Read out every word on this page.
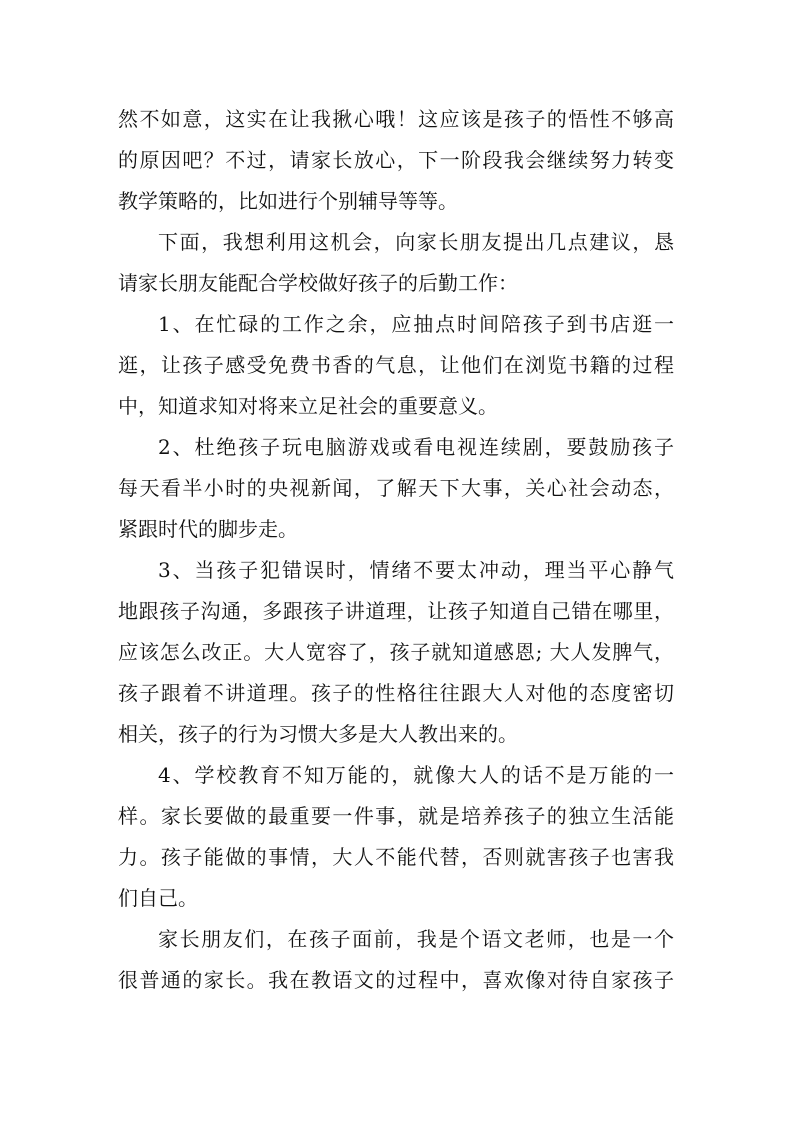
然不如意，这实在让我揪心哦！这应该是孩子的悟性不够高
的原因吧？不过，请家长放心，下一阶段我会继续努力转变
教学策略的，比如进行个别辅导等等。
下面，我想利用这机会，向家长朋友提出几点建议，恳
请家长朋友能配合学校做好孩子的后勤工作：
1、在忙碌的工作之余，应抽点时间陪孩子到书店逛一
逛，让孩子感受免费书香的气息，让他们在浏览书籍的过程
中，知道求知对将来立足社会的重要意义。
2、杜绝孩子玩电脑游戏或看电视连续剧，要鼓励孩子
每天看半小时的央视新闻，了解天下大事，关心社会动态，
紧跟时代的脚步走。
3、当孩子犯错误时，情绪不要太冲动，理当平心静气
地跟孩子沟通，多跟孩子讲道理，让孩子知道自己错在哪里，
应该怎么改正。大人宽容了，孩子就知道感恩; 大人发脾气，
孩子跟着不讲道理。孩子的性格往往跟大人对他的态度密切
相关，孩子的行为习惯大多是大人教出来的。
4、学校教育不知万能的，就像大人的话不是万能的一
样。家长要做的最重要一件事，就是培养孩子的独立生活能
力。孩子能做的事情，大人不能代替，否则就害孩子也害我
们自己。
家长朋友们，在孩子面前，我是个语文老师，也是一个
很普通的家长。我在教语文的过程中，喜欢像对待自家孩子
